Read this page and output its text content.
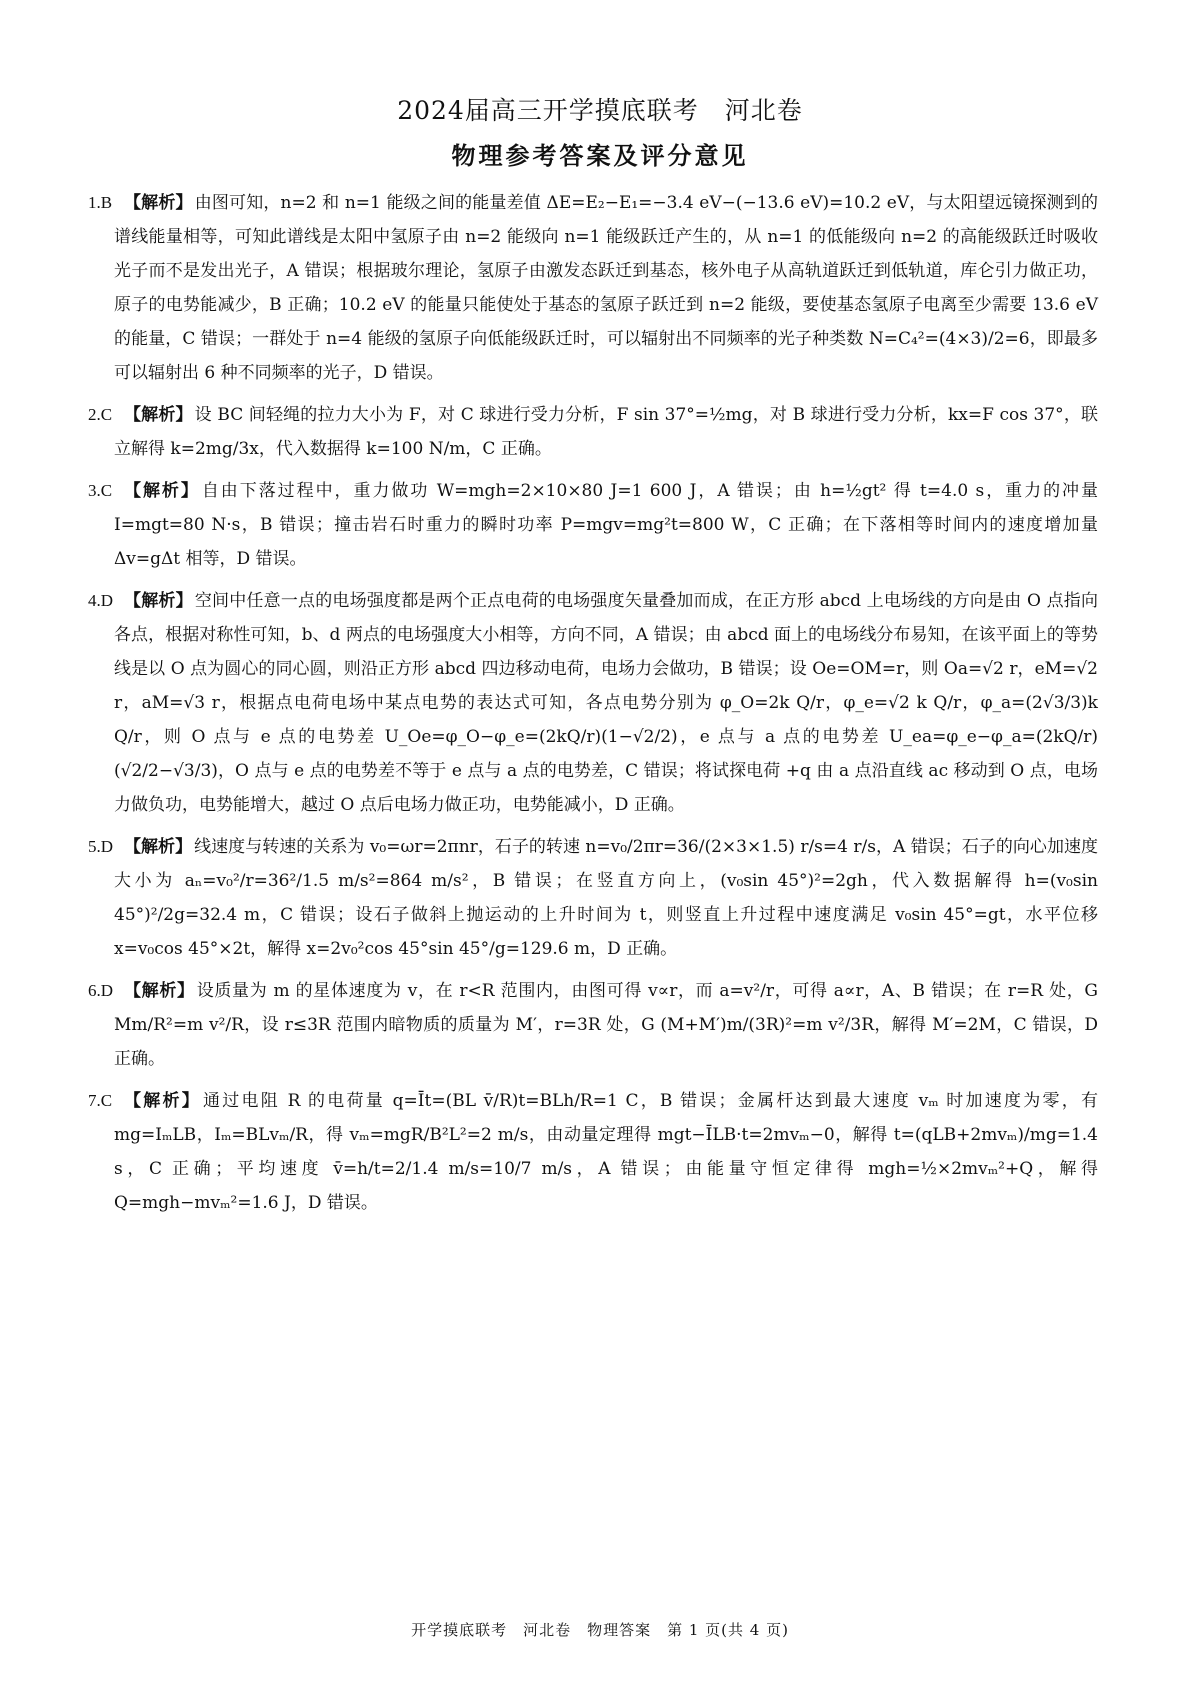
2024届高三开学摸底联考　河北卷
物理参考答案及评分意见
1.B 【解析】 由图可知，n=2 和 n=1 能级之间的能量差值 ΔE=E₂−E₁=−3.4 eV−(−13.6 eV)=10.2 eV，与太阳望远镜探测到的谱线能量相等，可知此谱线是太阳中氢原子由 n=2 能级向 n=1 能级跃迁产生的，从 n=1 的低能级向 n=2 的高能级跃迁时吸收光子而不是发出光子，A 错误；根据玻尔理论，氢原子由激发态跃迁到基态，核外电子从高轨道跃迁到低轨道，库仑引力做正功，原子的电势能减少，B 正确；10.2 eV 的能量只能使处于基态的氢原子跃迁到 n=2 能级，要使基态氢原子电离至少需要 13.6 eV 的能量，C 错误；一群处于 n=4 能级的氢原子向低能级跃迁时，可以辐射出不同频率的光子种类数 N=C₄²=(4×3)/2=6，即最多可以辐射出 6 种不同频率的光子，D 错误。

2.C 【解析】 设 BC 间轻绳的拉力大小为 F，对 C 球进行受力分析，F sin 37°=½mg，对 B 球进行受力分析，kx=F cos 37°，联立解得 k=2mg/3x，代入数据得 k=100 N/m，C 正确。

3.C 【解析】 自由下落过程中，重力做功 W=mgh=2×10×80 J=1 600 J，A 错误；由 h=½gt² 得 t=4.0 s，重力的冲量 I=mgt=80 N·s，B 错误；撞击岩石时重力的瞬时功率 P=mgv=mg²t=800 W，C 正确；在下落相等时间内的速度增加量 Δv=gΔt 相等，D 错误。

4.D 【解析】 空间中任意一点的电场强度都是两个正点电荷的电场强度矢量叠加而成，在正方形 abcd 上电场线的方向是由 O 点指向各点，根据对称性可知，b、d 两点的电场强度大小相等，方向不同，A 错误；由 abcd 面上的电场线分布易知，在该平面上的等势线是以 O 点为圆心的同心圆，则沿正方形 abcd 四边移动电荷，电场力会做功，B 错误；设 Oe=OM=r，则 Oa=√2 r，eM=√2 r，aM=√3 r，根据点电荷电场中某点电势的表达式可知，各点电势分别为 φ_O=2k Q/r，φ_e=√2 k Q/r，φ_a=(2√3/3)k Q/r，则 O 点与 e 点的电势差 U_Oe=φ_O−φ_e=(2kQ/r)(1−√2/2)，e 点与 a 点的电势差 U_ea=φ_e−φ_a=(2kQ/r)(√2/2−√3/3)，O 点与 e 点的电势差不等于 e 点与 a 点的电势差，C 错误；将试探电荷 +q 由 a 点沿直线 ac 移动到 O 点，电场力做负功，电势能增大，越过 O 点后电场力做正功，电势能减小，D 正确。

5.D 【解析】 线速度与转速的关系为 v₀=ωr=2πnr，石子的转速 n=v₀/2πr=36/(2×3×1.5) r/s=4 r/s，A 错误；石子的向心加速度大小为 aₙ=v₀²/r=36²/1.5 m/s²=864 m/s²，B 错误；在竖直方向上，(v₀sin 45°)²=2gh，代入数据解得 h=(v₀sin 45°)²/2g=32.4 m，C 错误；设石子做斜上抛运动的上升时间为 t，则竖直上升过程中速度满足 v₀sin 45°=gt，水平位移 x=v₀cos 45°×2t，解得 x=2v₀²cos 45°sin 45°/g=129.6 m，D 正确。

6.D 【解析】 设质量为 m 的星体速度为 v，在 r<R 范围内，由图可得 v∝r，而 a=v²/r，可得 a∝r，A、B 错误；在 r=R 处，G Mm/R²=m v²/R，设 r≤3R 范围内暗物质的质量为 M′，r=3R 处，G (M+M′)m/(3R)²=m v²/3R，解得 M′=2M，C 错误，D 正确。

7.C 【解析】 通过电阻 R 的电荷量 q=Īt=(BL v̄/R)t=BLh/R=1 C，B 错误；金属杆达到最大速度 vₘ 时加速度为零，有 mg=IₘLB，Iₘ=BLvₘ/R，得 vₘ=mgR/B²L²=2 m/s，由动量定理得 mgt−ĪLB·t=2mvₘ−0，解得 t=(qLB+2mvₘ)/mg=1.4 s，C 正确；平均速度 v̄=h/t=2/1.4 m/s=10/7 m/s，A 错误；由能量守恒定律得 mgh=½×2mvₘ²+Q，解得 Q=mgh−mvₘ²=1.6 J，D 错误。

开学摸底联考　河北卷　物理答案　第 1 页(共 4 页)
